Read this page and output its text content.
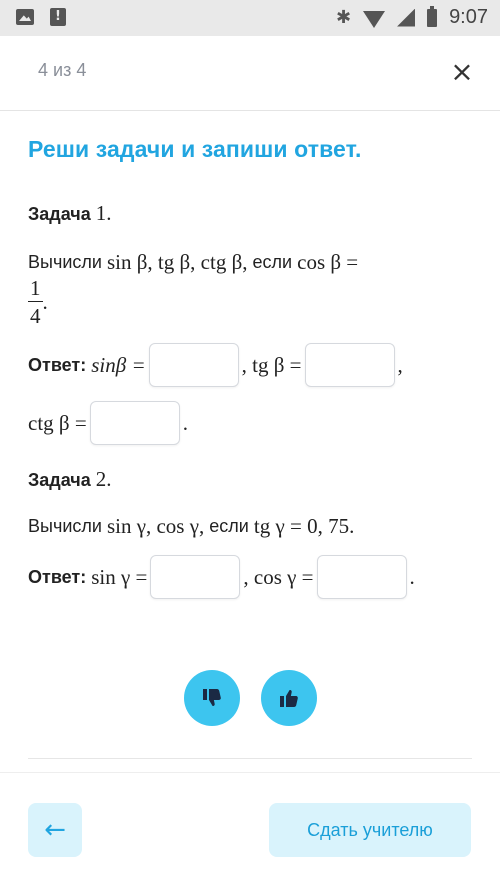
!
✱	9:07
4 из 4	×
Реши задачи и запиши ответ.
Задача 1.
Вычисли
sin β, tg β, ctg β,
если
cos β =
$\frac{1}{4}$ .
Ответ:
sinβ =	, tg β =	,
ctg β =	.
Задача 2.
Вычисли
sin γ, cos γ,
если
tg γ = 0, 75.
Ответ:
sin γ =	, cos γ =	.
←	Сдать учителю
